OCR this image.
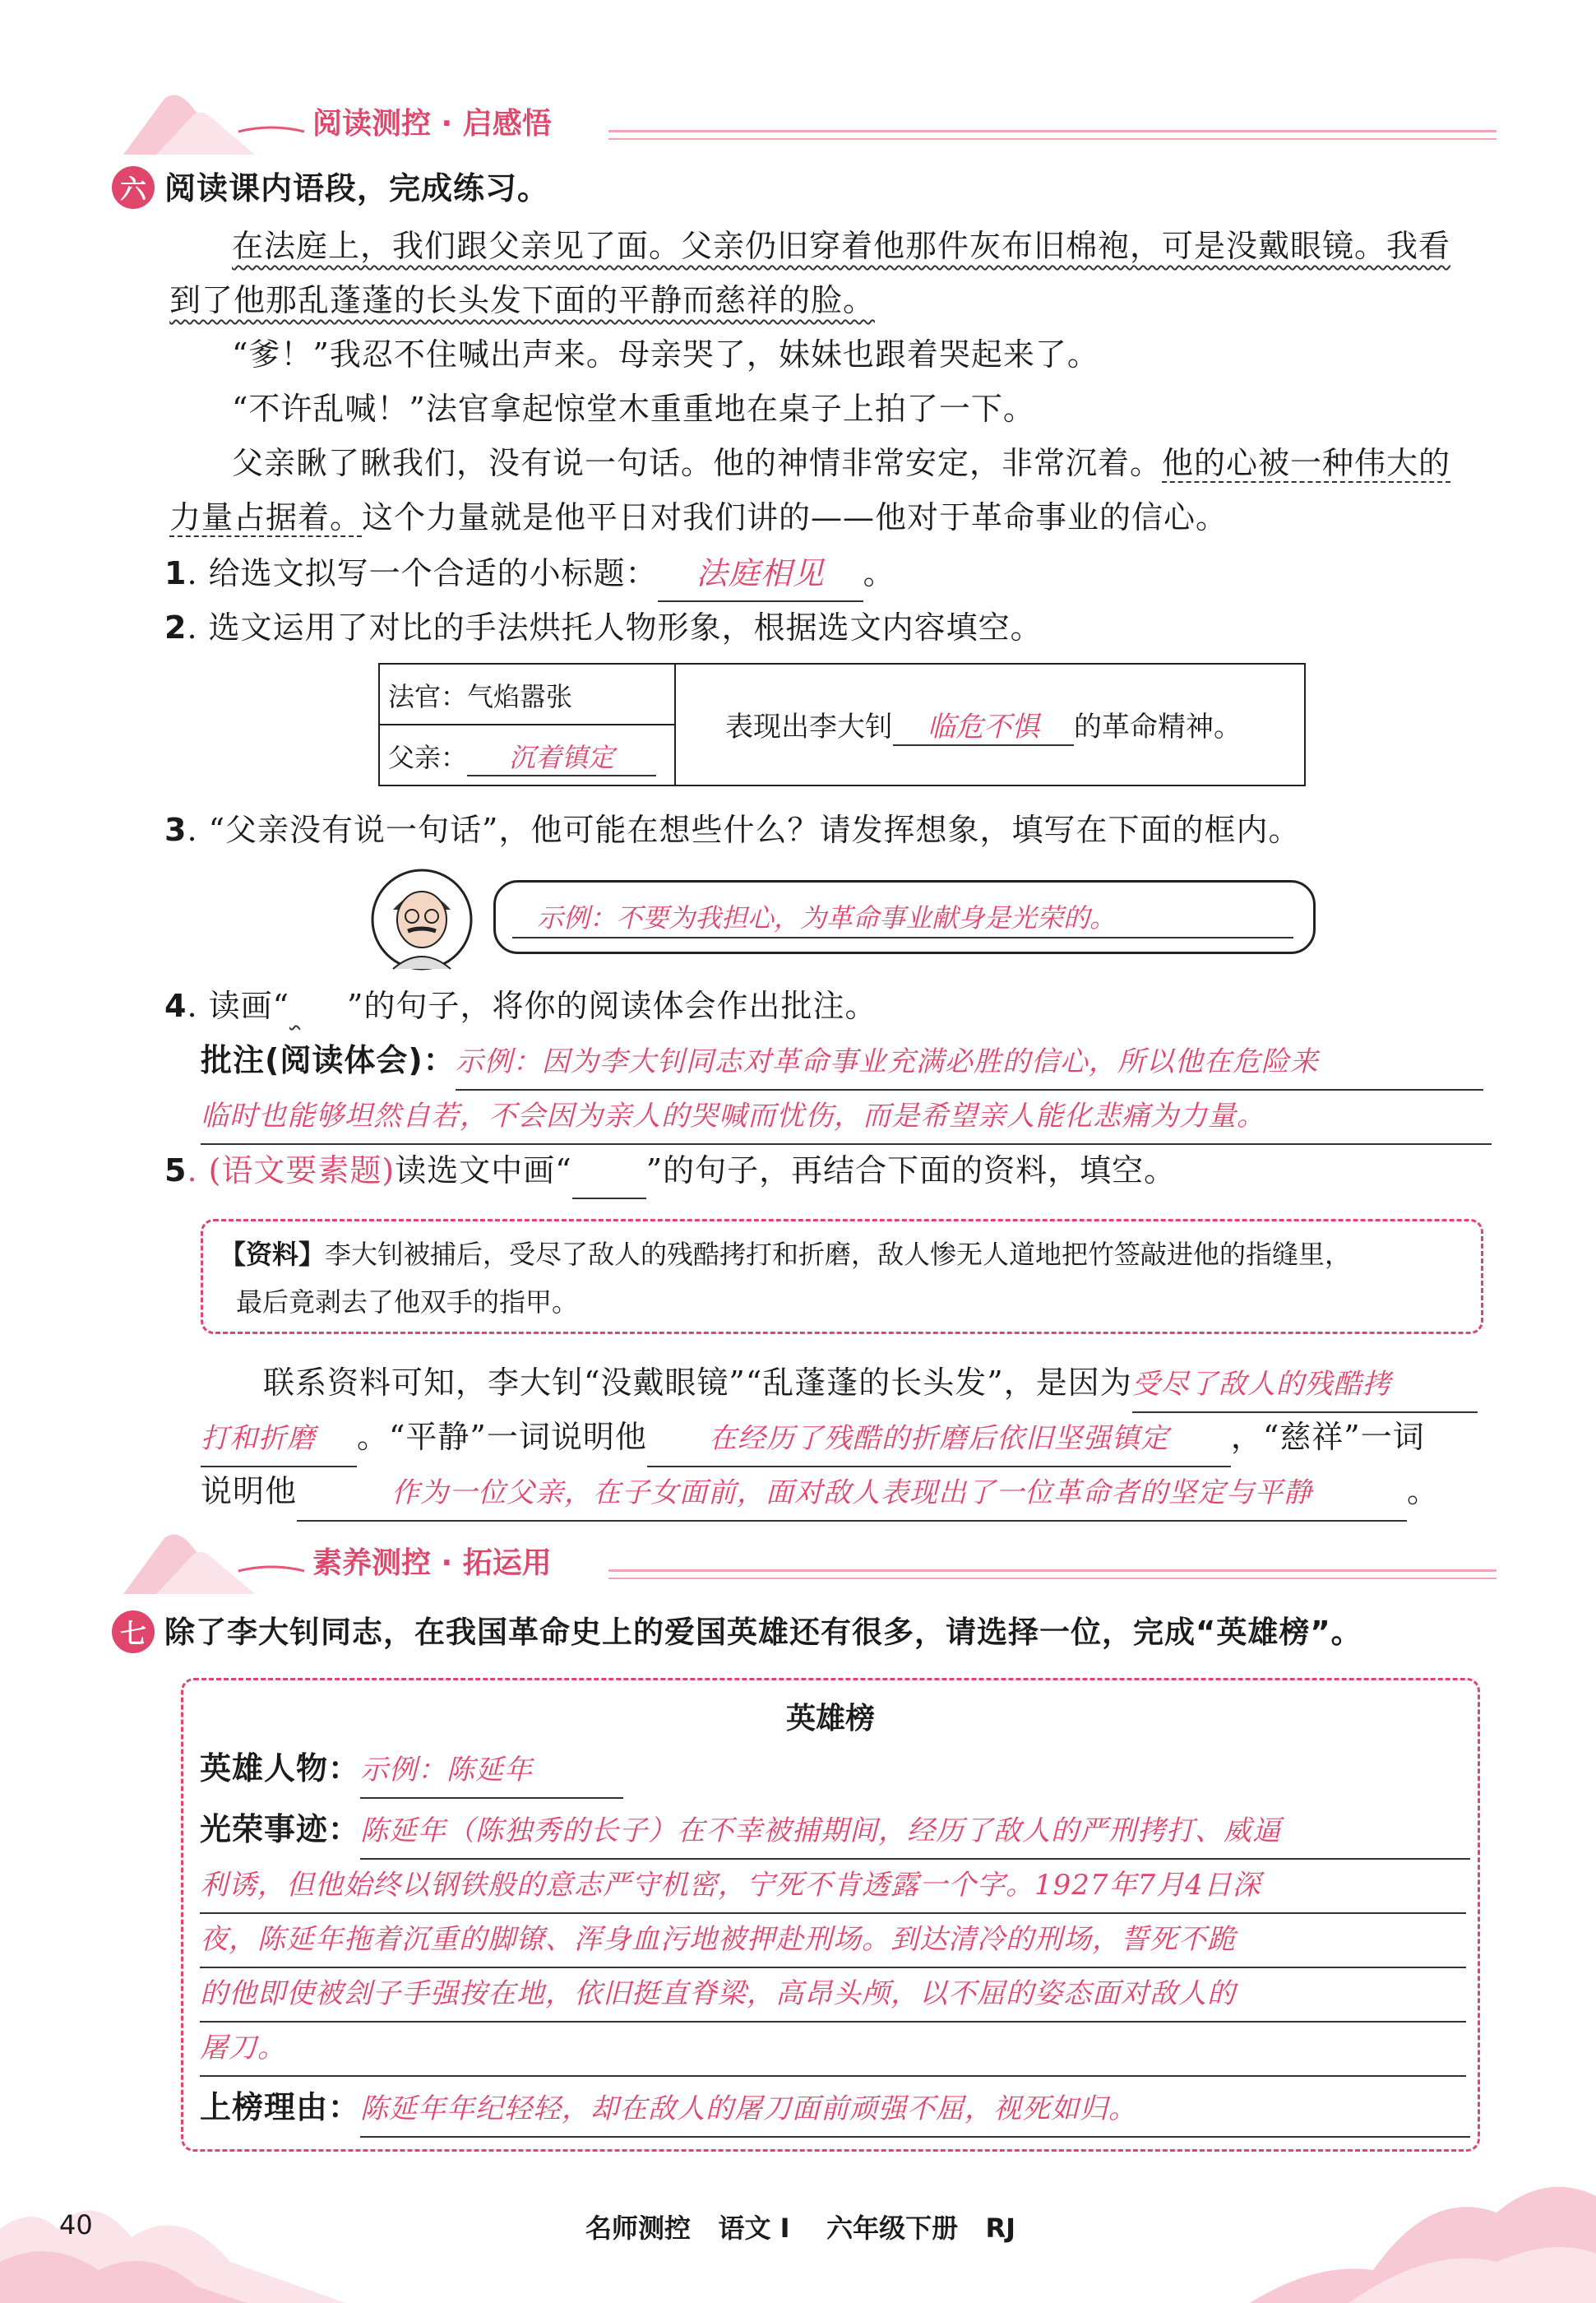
阅读测控 · 启感悟
六 阅读课内语段，完成练习。
在法庭上，我们跟父亲见了面。父亲仍旧穿着他那件灰布旧棉袍，可是没戴眼镜。我看
到了他那乱蓬蓬的长头发下面的平静而慈祥的脸。
“爹！”我忍不住喊出声来。母亲哭了，妹妹也跟着哭起来了。
“不许乱喊！”法官拿起惊堂木重重地在桌子上拍了一下。
父亲瞅了瞅我们，没有说一句话。他的神情非常安定，非常沉着。他的心被一种伟大的
力量占据着。这个力量就是他平日对我们讲的——他对于革命事业的信心。
1. 给选文拟写一个合适的小标题： 法庭相见 。
2. 选文运用了对比的手法烘托人物形象，根据选文内容填空。
法官：气焰嚣张
父亲： 沉着镇定
表现出李大钊 临危不惧 的革命精神。
3. “父亲没有说一句话”，他可能在想些什么？请发挥想象，填写在下面的框内。
示例：不要为我担心，为革命事业献身是光荣的。
4. 读画“ ”的句子，将你的阅读体会作出批注。
批注(阅读体会)：示例：因为李大钊同志对革命事业充满必胜的信心，所以他在危险来
临时也能够坦然自若，不会因为亲人的哭喊而忧伤，而是希望亲人能化悲痛为力量。
5. (语文要素题)读选文中画“ ”的句子，再结合下面的资料，填空。
【资料】李大钊被捕后，受尽了敌人的残酷拷打和折磨，敌人惨无人道地把竹签敲进他的指缝里，
最后竟剥去了他双手的指甲。
联系资料可知，李大钊“没戴眼镜”“乱蓬蓬的长头发”，是因为受尽了敌人的残酷拷
打和折磨 。“平静”一词说明他 在经历了残酷的折磨后依旧坚强镇定 ，“慈祥”一词
说明他	作为一位父亲，在子女面前，面对敌人表现出了一位革命者的坚定与平静	。
素养测控 · 拓运用
七 除了李大钊同志，在我国革命史上的爱国英雄还有很多，请选择一位，完成“英雄榜”。
英雄榜
英雄人物：示例：陈延年
光荣事迹：陈延年（陈独秀的长子）在不幸被捕期间，经历了敌人的严刑拷打、威逼
利诱，但他始终以钢铁般的意志严守机密，宁死不肯透露一个字。1927年7月4日深
夜，陈延年拖着沉重的脚镣、浑身血污地被押赴刑场。到达清冷的刑场，誓死不跪
的他即使被刽子手强按在地，依旧挺直脊梁，高昂头颅，以不屈的姿态面对敌人的
屠刀。
上榜理由：陈延年年纪轻轻，却在敌人的屠刀面前顽强不屈，视死如归。
40	名师测控 语文 I 六年级下册 RJ
